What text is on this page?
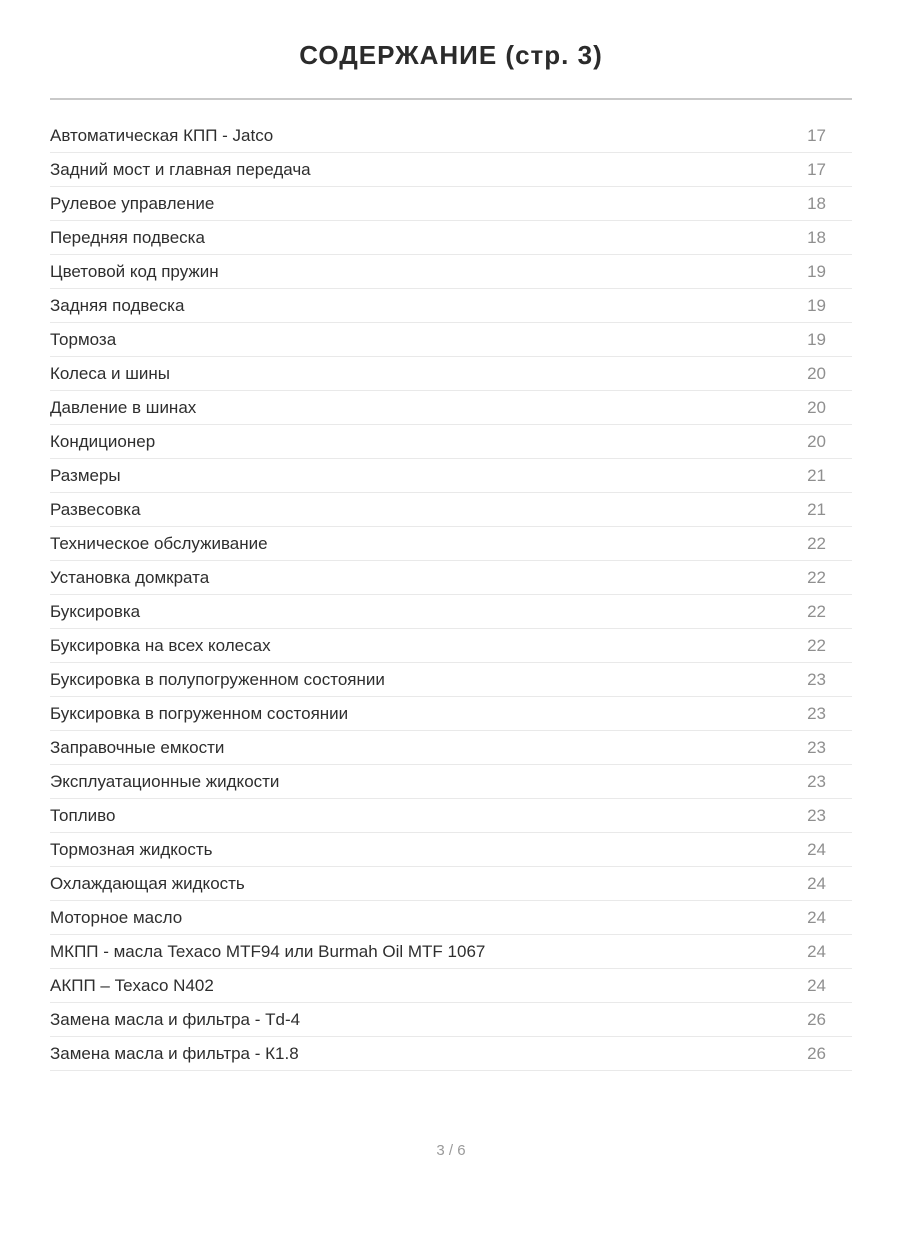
СОДЕРЖАНИЕ (стр. 3)
Автоматическая КПП - Jatco	17
Задний мост и главная передача	17
Рулевое управление	18
Передняя подвеска	18
Цветовой код пружин	19
Задняя подвеска	19
Тормоза	19
Колеса и шины	20
Давление в шинах	20
Кондиционер	20
Размеры	21
Развесовка	21
Техническое обслуживание	22
Установка домкрата	22
Буксировка	22
Буксировка на всех колесах	22
Буксировка в полупогруженном состоянии	23
Буксировка в погруженном состоянии	23
Заправочные емкости	23
Эксплуатационные жидкости	23
Топливо	23
Тормозная жидкость	24
Охлаждающая жидкость	24
Моторное масло	24
МКПП - масла Texaco MTF94 или Burmah Oil MTF 1067	24
АКПП – Texaco N402	24
Замена масла и фильтра - Td-4	26
Замена масла и фильтра - К1.8	26
3 / 6
